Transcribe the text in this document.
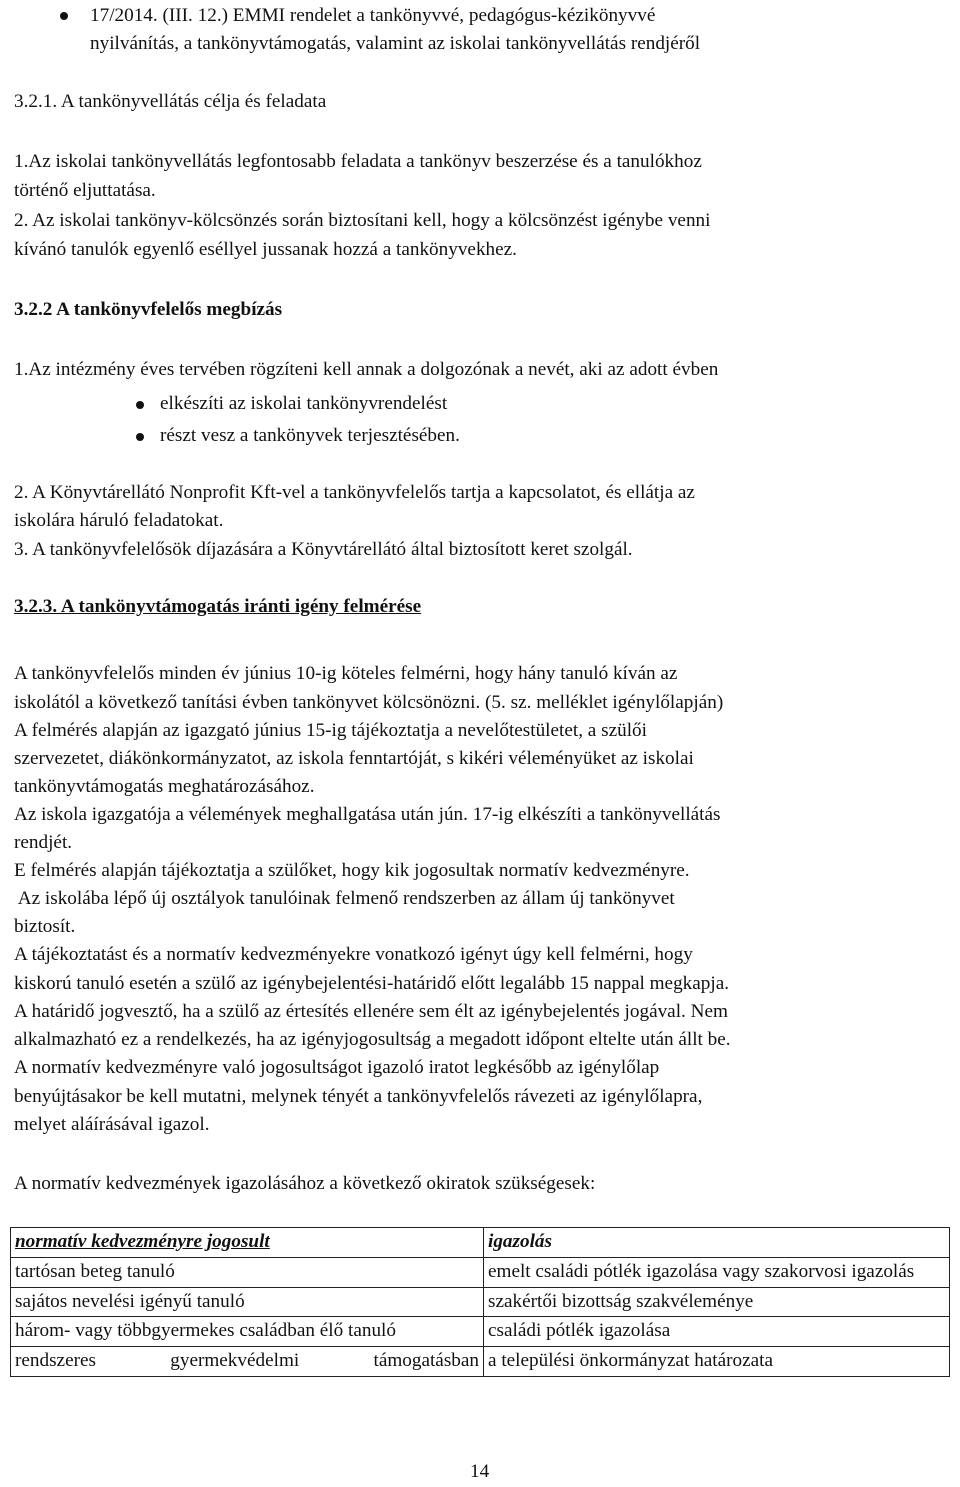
17/2014. (III. 12.) EMMI rendelet a tankönyvvé, pedagógus-kézikönyvvé
nyilvánítás, a tankönyvtámogatás, valamint az iskolai tankönyvellátás rendjéről
3.2.1. A tankönyvellátás célja és feladata
1.Az iskolai tankönyvellátás legfontosabb feladata a tankönyv beszerzése és a tanulókhoz
történő eljuttatása.
2. Az iskolai tankönyv-kölcsönzés során biztosítani kell, hogy a kölcsönzést igénybe venni
kívánó tanulók egyenlő eséllyel jussanak hozzá a tankönyvekhez.
3.2.2 A tankönyvfelelős megbízás
1.Az intézmény éves tervében rögzíteni kell annak a dolgozónak a nevét, aki az adott évben
elkészíti az iskolai tankönyvrendelést
részt vesz a tankönyvek terjesztésében.
2. A Könyvtárellátó Nonprofit Kft-vel a tankönyvfelelős tartja a kapcsolatot, és ellátja az
iskolára háruló feladatokat.
3. A tankönyvfelelősök díjazására a Könyvtárellátó által biztosított keret szolgál.
3.2.3. A tankönyvtámogatás iránti igény felmérése
A tankönyvfelelős minden év június 10-ig köteles felmérni, hogy hány tanuló kíván az
iskolától a következő tanítási évben tankönyvet kölcsönözni. (5. sz. melléklet igénylőlapján)
A felmérés alapján az igazgató június 15-ig tájékoztatja a nevelőtestületet, a szülői
szervezetet, diákönkormányzatot, az iskola fenntartóját, s kikéri véleményüket az iskolai
tankönyvtámogatás meghatározásához.
Az iskola igazgatója a vélemények meghallgatása után jún. 17-ig elkészíti a tankönyvellátás
rendjét.
E felmérés alapján tájékoztatja a szülőket, hogy kik jogosultak normatív kedvezményre.
Az iskolába lépő új osztályok tanulóinak felmenő rendszerben az állam új tankönyvet
biztosít.
A tájékoztatást és a normatív kedvezményekre vonatkozó igényt úgy kell felmérni, hogy
kiskorú tanuló esetén a szülő az igénybejelentési-határidő előtt legalább 15 nappal megkapja.
A határidő jogvesztő, ha a szülő az értesítés ellenére sem élt az igénybejelentés jogával. Nem
alkalmazható ez a rendelkezés, ha az igényjogosultság a megadott időpont eltelte után állt be.
A normatív kedvezményre való jogosultságot igazoló iratot legkésőbb az igénylőlap
benyújtásakor be kell mutatni, melynek tényét a tankönyvfelelős rávezeti az igénylőlapra,
melyet aláírásával igazol.
A normatív kedvezmények igazolásához a következő okiratok szükségesek:
normatív kedvezményre jogosult	igazolás
tartósan beteg tanuló	emelt családi pótlék igazolása vagy szakorvosi igazolás
sajátos nevelési igényű tanuló	szakértői bizottság szakvéleménye
három- vagy többgyermekes családban élő tanuló	családi pótlék igazolása
rendszeres gyermekvédelmi támogatásban	a települési önkormányzat határozata
14
